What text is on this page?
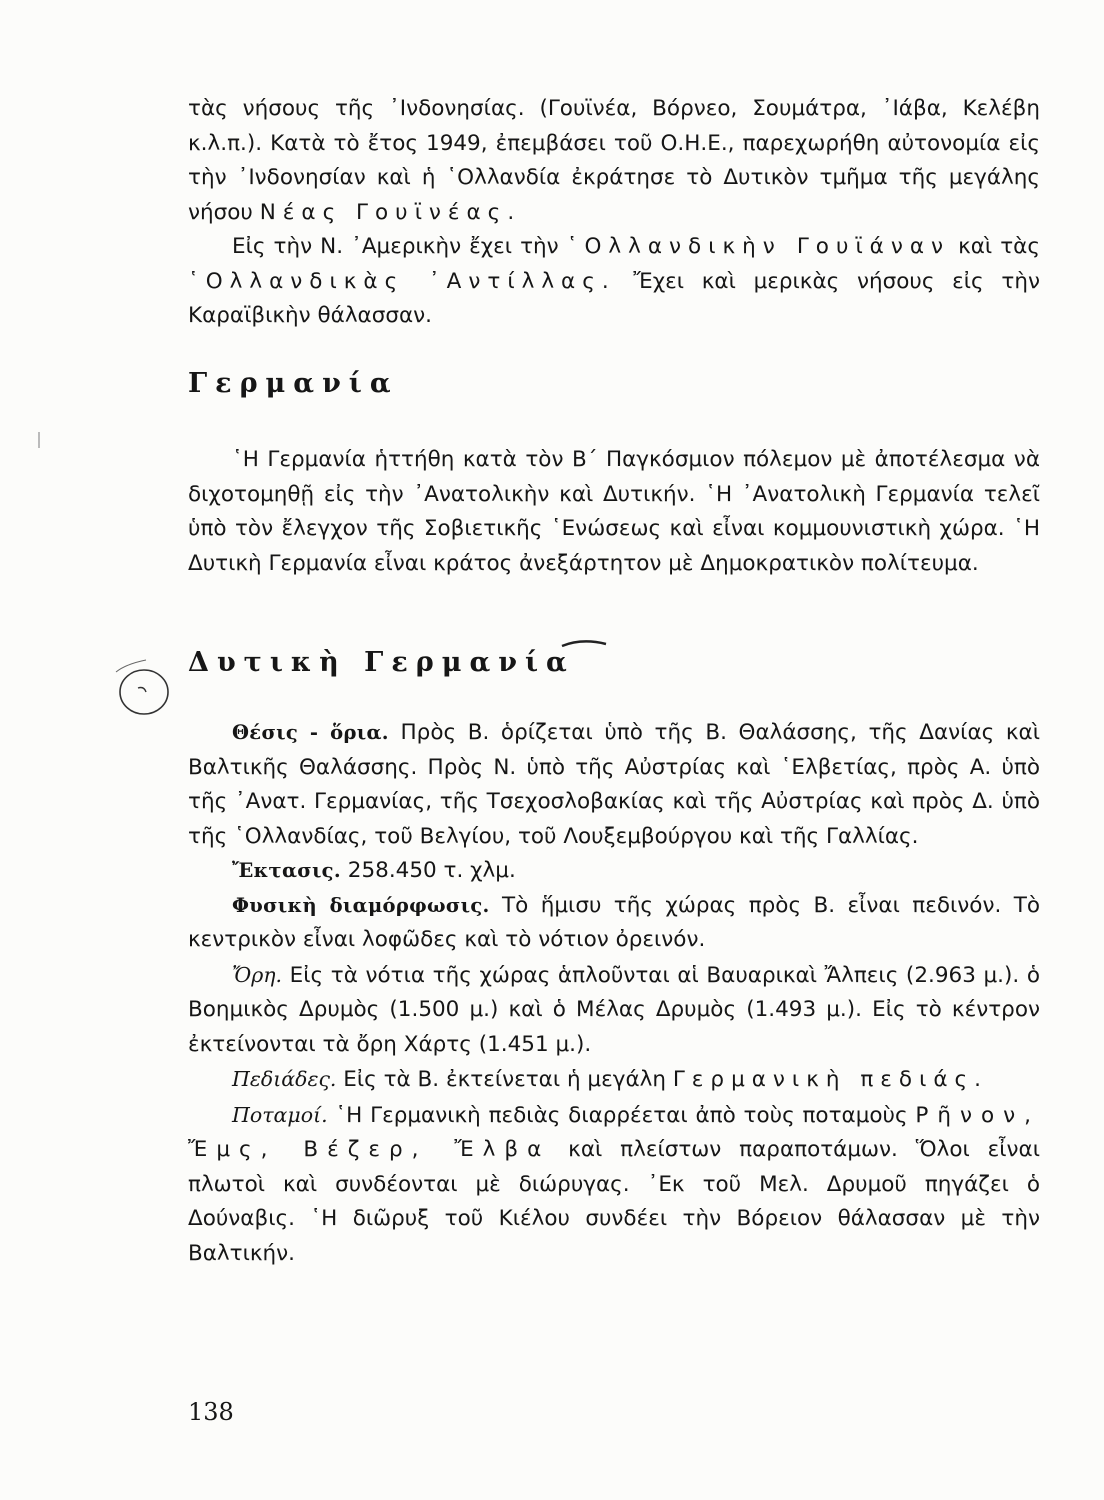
τὰς νήσους τῆς ᾽Ινδονησίας. (Γουϊνέα, Βόρνεο, Σουμάτρα, ᾽Ιάβα, Κελέβη κ.λ.π.). Κατὰ τὸ ἔτος 1949, ἐπεμβάσει τοῦ Ο.Η.Ε., παρεχωρήθη αὐτονομία εἰς τὴν ᾽Ινδονησίαν καὶ ἡ ῾Ολλανδία ἐκράτησε τὸ Δυτικὸν τμῆμα τῆς μεγάλης νήσου Νέας Γουϊνέας.

Εἰς τὴν Ν. ᾽Αμερικὴν ἔχει τὴν ῾Ολλανδικὴν Γουϊάναν καὶ τὰς ῾Ολλανδικὰς ᾽Αντίλλας. Ἔχει καὶ μερικὰς νήσους εἰς τὴν Καραϊβικὴν θάλασσαν.

Γερμανία

῾Η Γερμανία ἡττήθη κατὰ τὸν Β΄ Παγκόσμιον πόλεμον μὲ ἀποτέλεσμα νὰ διχοτομηθῇ εἰς τὴν ᾽Ανατολικὴν καὶ Δυτικήν. ῾Η ᾽Ανατολικὴ Γερμανία τελεῖ ὑπὸ τὸν ἔλεγχον τῆς Σοβιετικῆς ῾Ενώσεως καὶ εἶναι κομμουνιστικὴ χώρα. ῾Η Δυτικὴ Γερμανία εἶναι κράτος ἀνεξάρτητον μὲ Δημοκρατικὸν πολίτευμα.

Δυτικὴ Γερμανία

Θέσις - ὅρια. Πρὸς Β. ὁρίζεται ὑπὸ τῆς Β. Θαλάσσης, τῆς Δανίας καὶ Βαλτικῆς Θαλάσσης. Πρὸς Ν. ὑπὸ τῆς Αὐστρίας καὶ ῾Ελβετίας, πρὸς Α. ὑπὸ τῆς ᾽Ανατ. Γερμανίας, τῆς Τσεχοσλοβακίας καὶ τῆς Αὐστρίας καὶ πρὸς Δ. ὑπὸ τῆς ῾Ολλανδίας, τοῦ Βελγίου, τοῦ Λουξεμβούργου καὶ τῆς Γαλλίας.

Ἔκτασις. 258.450 τ. χλμ.

Φυσικὴ διαμόρφωσις. Τὸ ἥμισυ τῆς χώρας πρὸς Β. εἶναι πεδινόν. Τὸ κεντρικὸν εἶναι λοφῶδες καὶ τὸ νότιον ὀρεινόν.

Ὄρη. Εἰς τὰ νότια τῆς χώρας ἁπλοῦνται αἱ Βαυαρικαὶ Ἄλπεις (2.963 μ.). ὁ Βοημικὸς Δρυμὸς (1.500 μ.) καὶ ὁ Μέλας Δρυμὸς (1.493 μ.). Εἰς τὸ κέντρον ἐκτείνονται τὰ ὄρη Χάρτς (1.451 μ.).

Πεδιάδες. Εἰς τὰ Β. ἐκτείνεται ἡ μεγάλη Γερμανικὴ πεδιάς.

Ποταμοί. ῾Η Γερμανικὴ πεδιὰς διαρρέεται ἀπὸ τοὺς ποταμοὺς Ρῆνον, Ἔμς, Βέζερ, Ἔλβα καὶ πλείστων παραποτάμων. Ὅλοι εἶναι πλωτοὶ καὶ συνδέονται μὲ διώρυγας. ᾽Εκ τοῦ Μελ. Δρυμοῦ πηγάζει ὁ Δούναβις. ῾Η διῶρυξ τοῦ Κιέλου συνδέει τὴν Βόρειον θάλασσαν μὲ τὴν Βαλτικήν.

138
